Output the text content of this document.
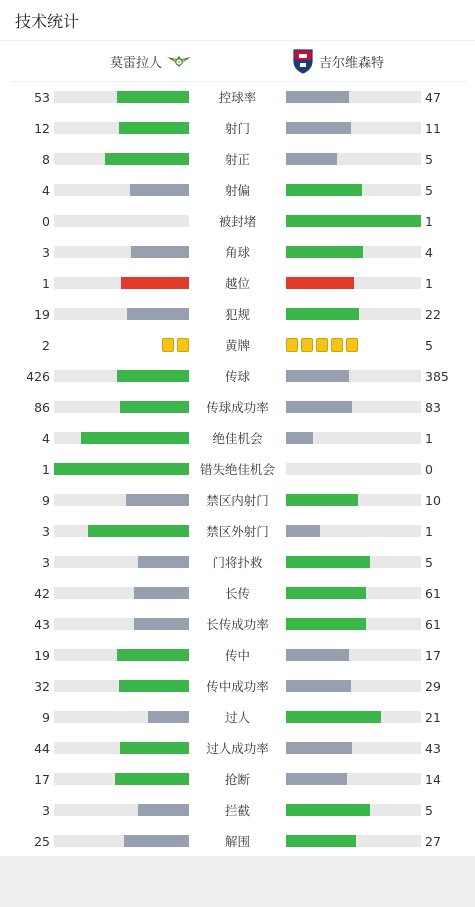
技术统计
莫雷拉人	吉尔维森特
53	控球率	47
12	射门	11
8	射正	5
4	射偏	5
0	被封堵	1
3	角球	4
1	越位	1
19	犯规	22
2	黄牌	5
426	传球	385
86	传球成功率	83
4	绝佳机会	1
1	错失绝佳机会	0
9	禁区内射门	10
3	禁区外射门	1
3	门将扑救	5
42	长传	61
43	长传成功率	61
19	传中	17
32	传中成功率	29
9	过人	21
44	过人成功率	43
17	抢断	14
3	拦截	5
25	解围	27
